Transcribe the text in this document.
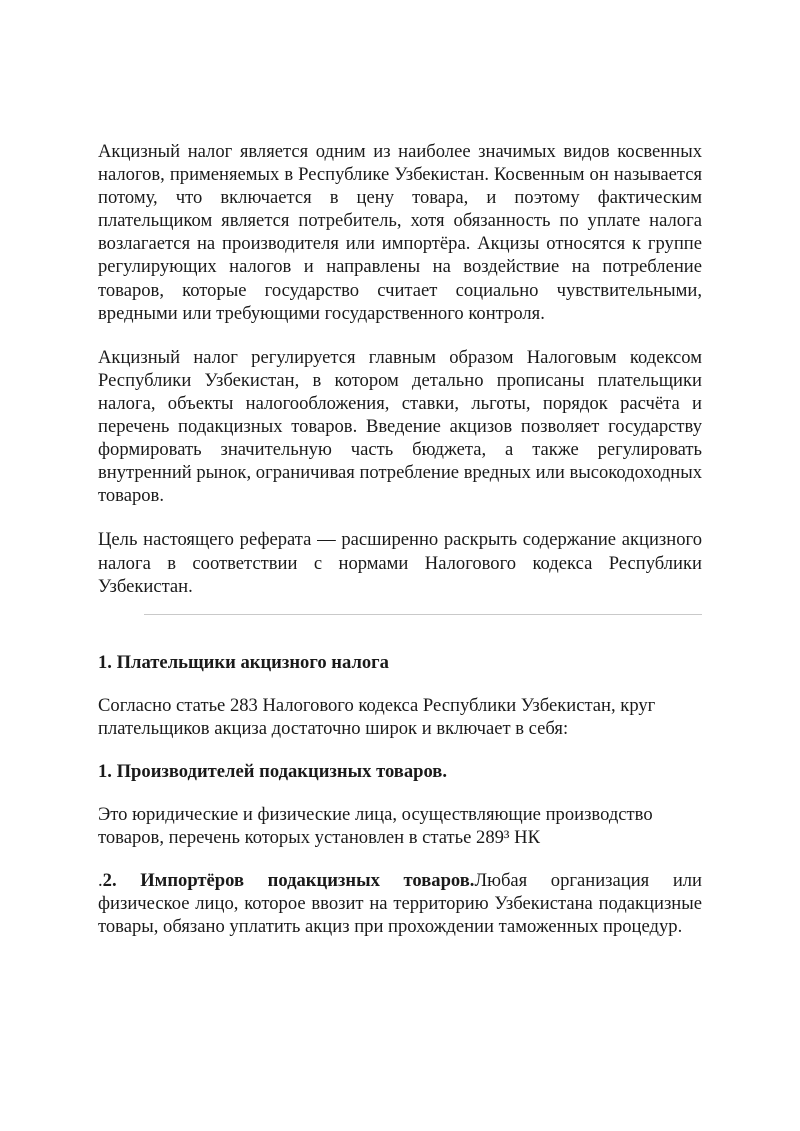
Акцизный налог является одним из наиболее значимых видов косвенных налогов, применяемых в Республике Узбекистан. Косвенным он называется потому, что включается в цену товара, и поэтому фактическим плательщиком является потребитель, хотя обязанность по уплате налога возлагается на производителя или импортёра. Акцизы относятся к группе регулирующих налогов и направлены на воздействие на потребление товаров, которые государство считает социально чувствительными, вредными или требующими государственного контроля.

Акцизный налог регулируется главным образом Налоговым кодексом Республики Узбекистан, в котором детально прописаны плательщики налога, объекты налогообложения, ставки, льготы, порядок расчёта и перечень подакцизных товаров. Введение акцизов позволяет государству формировать значительную часть бюджета, а также регулировать внутренний рынок, ограничивая потребление вредных или высокодоходных товаров.

Цель настоящего реферата — расширенно раскрыть содержание акцизного налога в соответствии с нормами Налогового кодекса Республики Узбекистан.

1. Плательщики акцизного налога

Согласно статье 283 Налогового кодекса Республики Узбекистан, круг плательщиков акциза достаточно широк и включает в себя:

1. Производителей подакцизных товаров.

Это юридические и физические лица, осуществляющие производство товаров, перечень которых установлен в статье 289³ НК

.2. Импортёров подакцизных товаров.Любая организация или физическое лицо, которое ввозит на территорию Узбекистана подакцизные товары, обязано уплатить акциз при прохождении таможенных процедур.
